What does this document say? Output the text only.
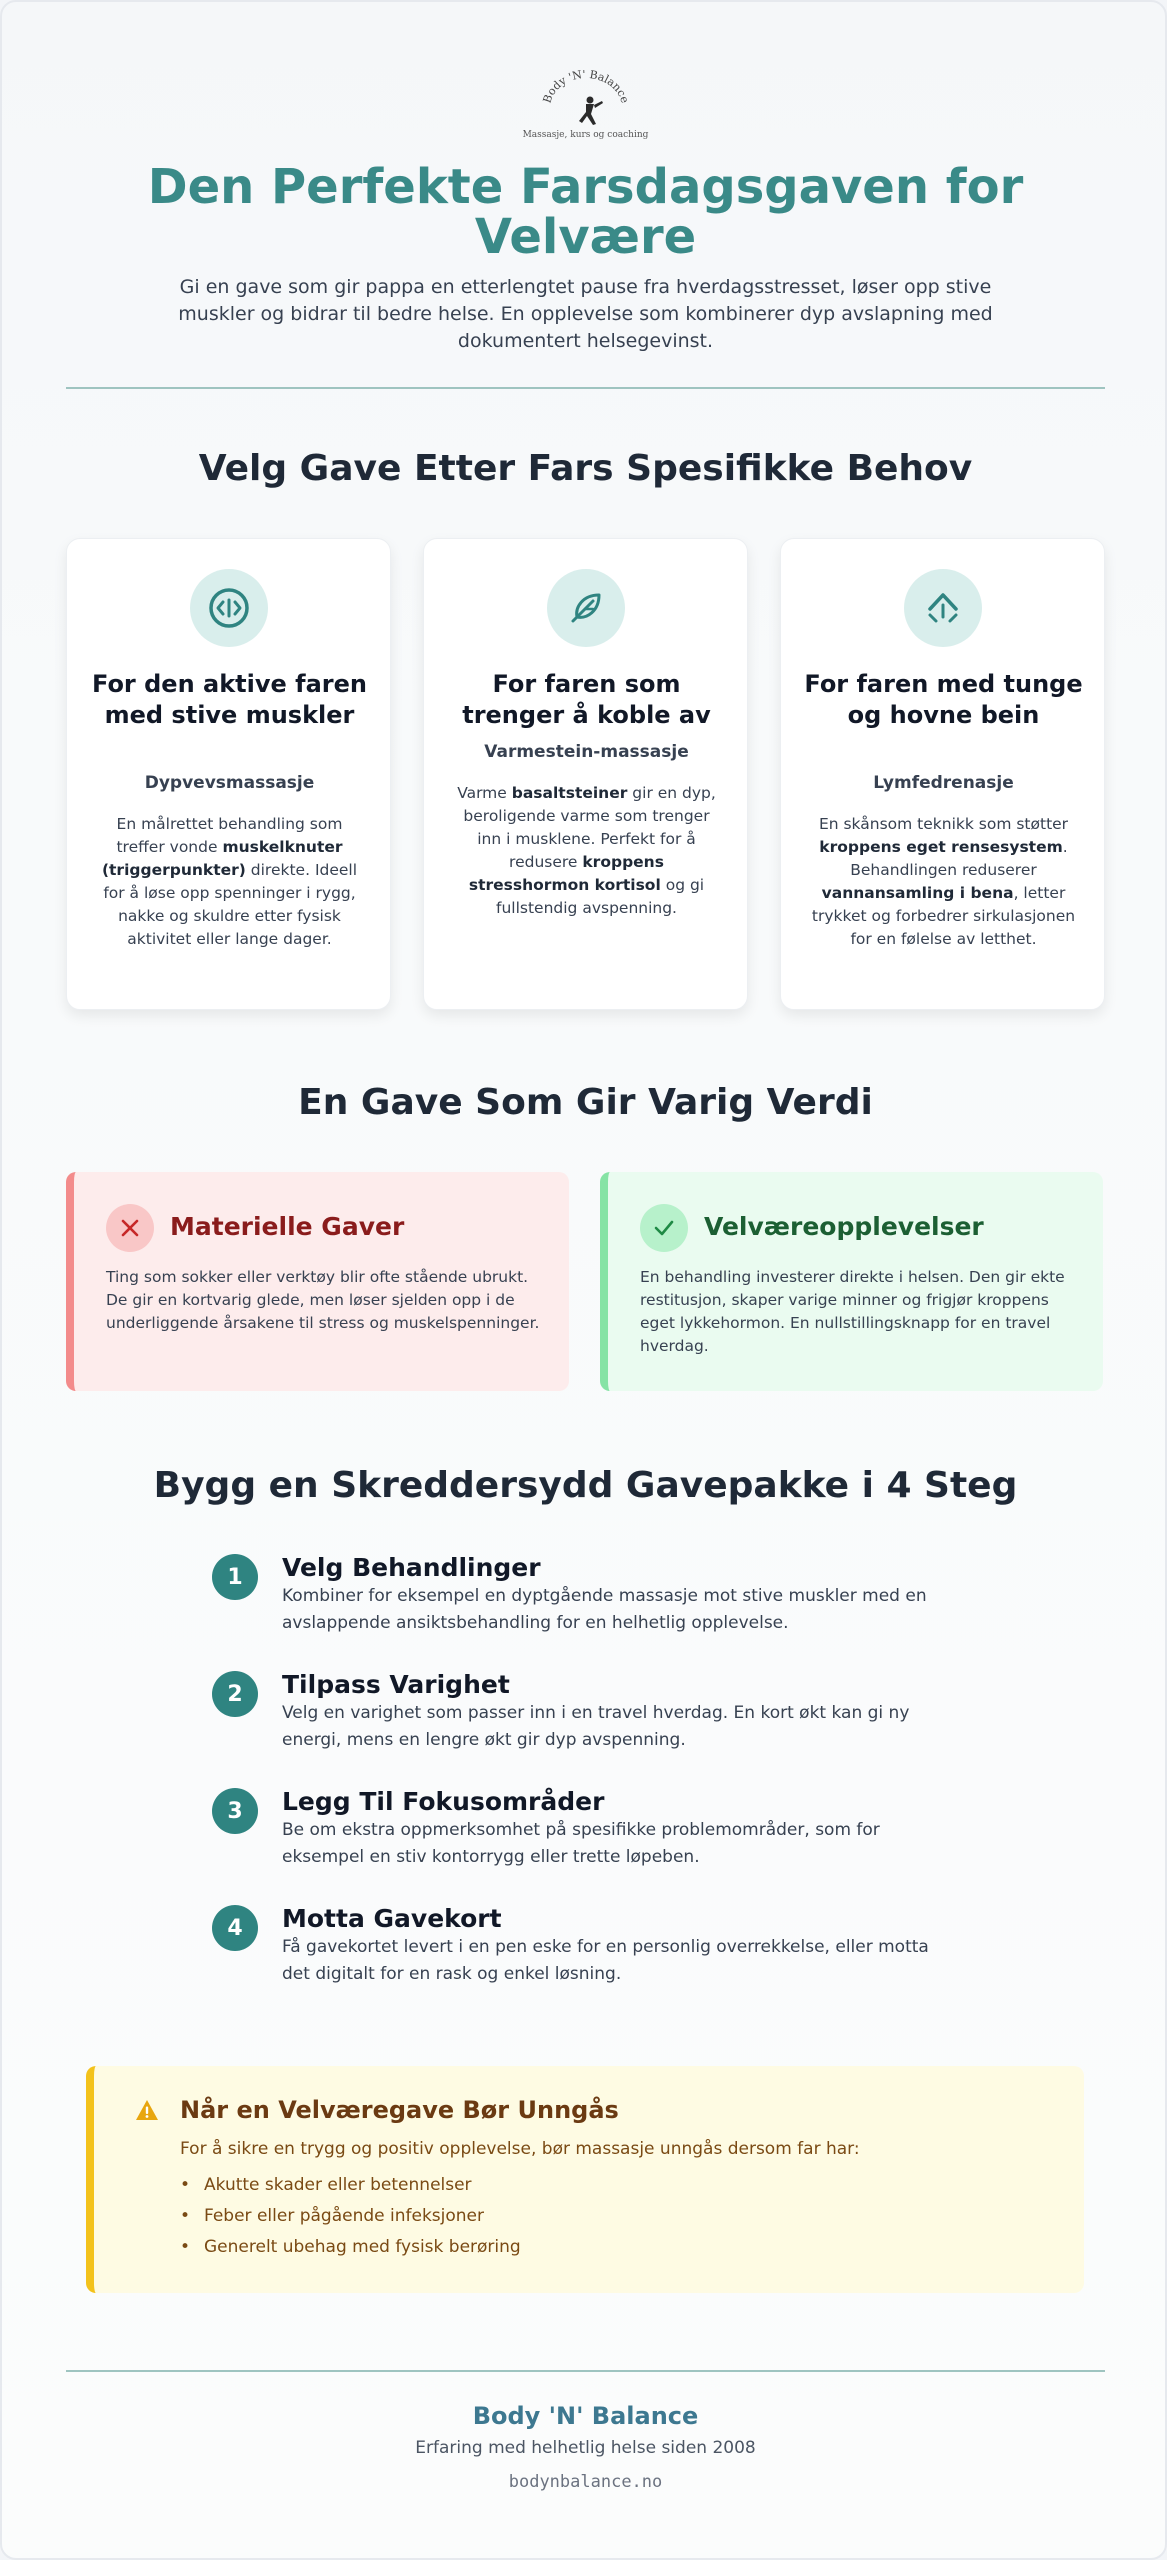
Body 'N' Balance
Massasje, kurs og coaching
Den Perfekte Farsdagsgaven for Velvære
Gi en gave som gir pappa en etterlengtet pause fra hverdagsstresset, løser opp stive muskler og bidrar til bedre helse. En opplevelse som kombinerer dyp avslapning med dokumentert helsegevinst.
Velg Gave Etter Fars Spesifikke Behov
For den aktive faren med stive muskler
Dypvevsmassasje
En målrettet behandling som treffer vonde muskelknuter (triggerpunkter) direkte. Ideell for å løse opp spenninger i rygg, nakke og skuldre etter fysisk aktivitet eller lange dager.
For faren som trenger å koble av
Varmestein-massasje
Varme basaltsteiner gir en dyp, beroligende varme som trenger inn i musklene. Perfekt for å redusere kroppens stresshormon kortisol og gi fullstendig avspenning.
For faren med tunge og hovne bein
Lymfedrenasje
En skånsom teknikk som støtter kroppens eget rensesystem. Behandlingen reduserer vannansamling i bena, letter trykket og forbedrer sirkulasjonen for en følelse av letthet.
En Gave Som Gir Varig Verdi
Materielle Gaver
Ting som sokker eller verktøy blir ofte stående ubrukt. De gir en kortvarig glede, men løser sjelden opp i de underliggende årsakene til stress og muskelspenninger.
Velværeopplevelser
En behandling investerer direkte i helsen. Den gir ekte restitusjon, skaper varige minner og frigjør kroppens eget lykkehormon. En nullstillingsknapp for en travel hverdag.
Bygg en Skreddersydd Gavepakke i 4 Steg
1	Velg Behandlinger
Kombiner for eksempel en dyptgående massasje mot stive muskler med en avslappende ansiktsbehandling for en helhetlig opplevelse.
2	Tilpass Varighet
Velg en varighet som passer inn i en travel hverdag. En kort økt kan gi ny energi, mens en lengre økt gir dyp avspenning.
3	Legg Til Fokusområder
Be om ekstra oppmerksomhet på spesifikke problemområder, som for eksempel en stiv kontorrygg eller trette løpeben.
4	Motta Gavekort
Få gavekortet levert i en pen eske for en personlig overrekkelse, eller motta det digitalt for en rask og enkel løsning.
Når en Velværegave Bør Unngås
For å sikre en trygg og positiv opplevelse, bør massasje unngås dersom far har:
• Akutte skader eller betennelser
• Feber eller pågående infeksjoner
• Generelt ubehag med fysisk berøring
Body 'N' Balance
Erfaring med helhetlig helse siden 2008
bodynbalance.no
